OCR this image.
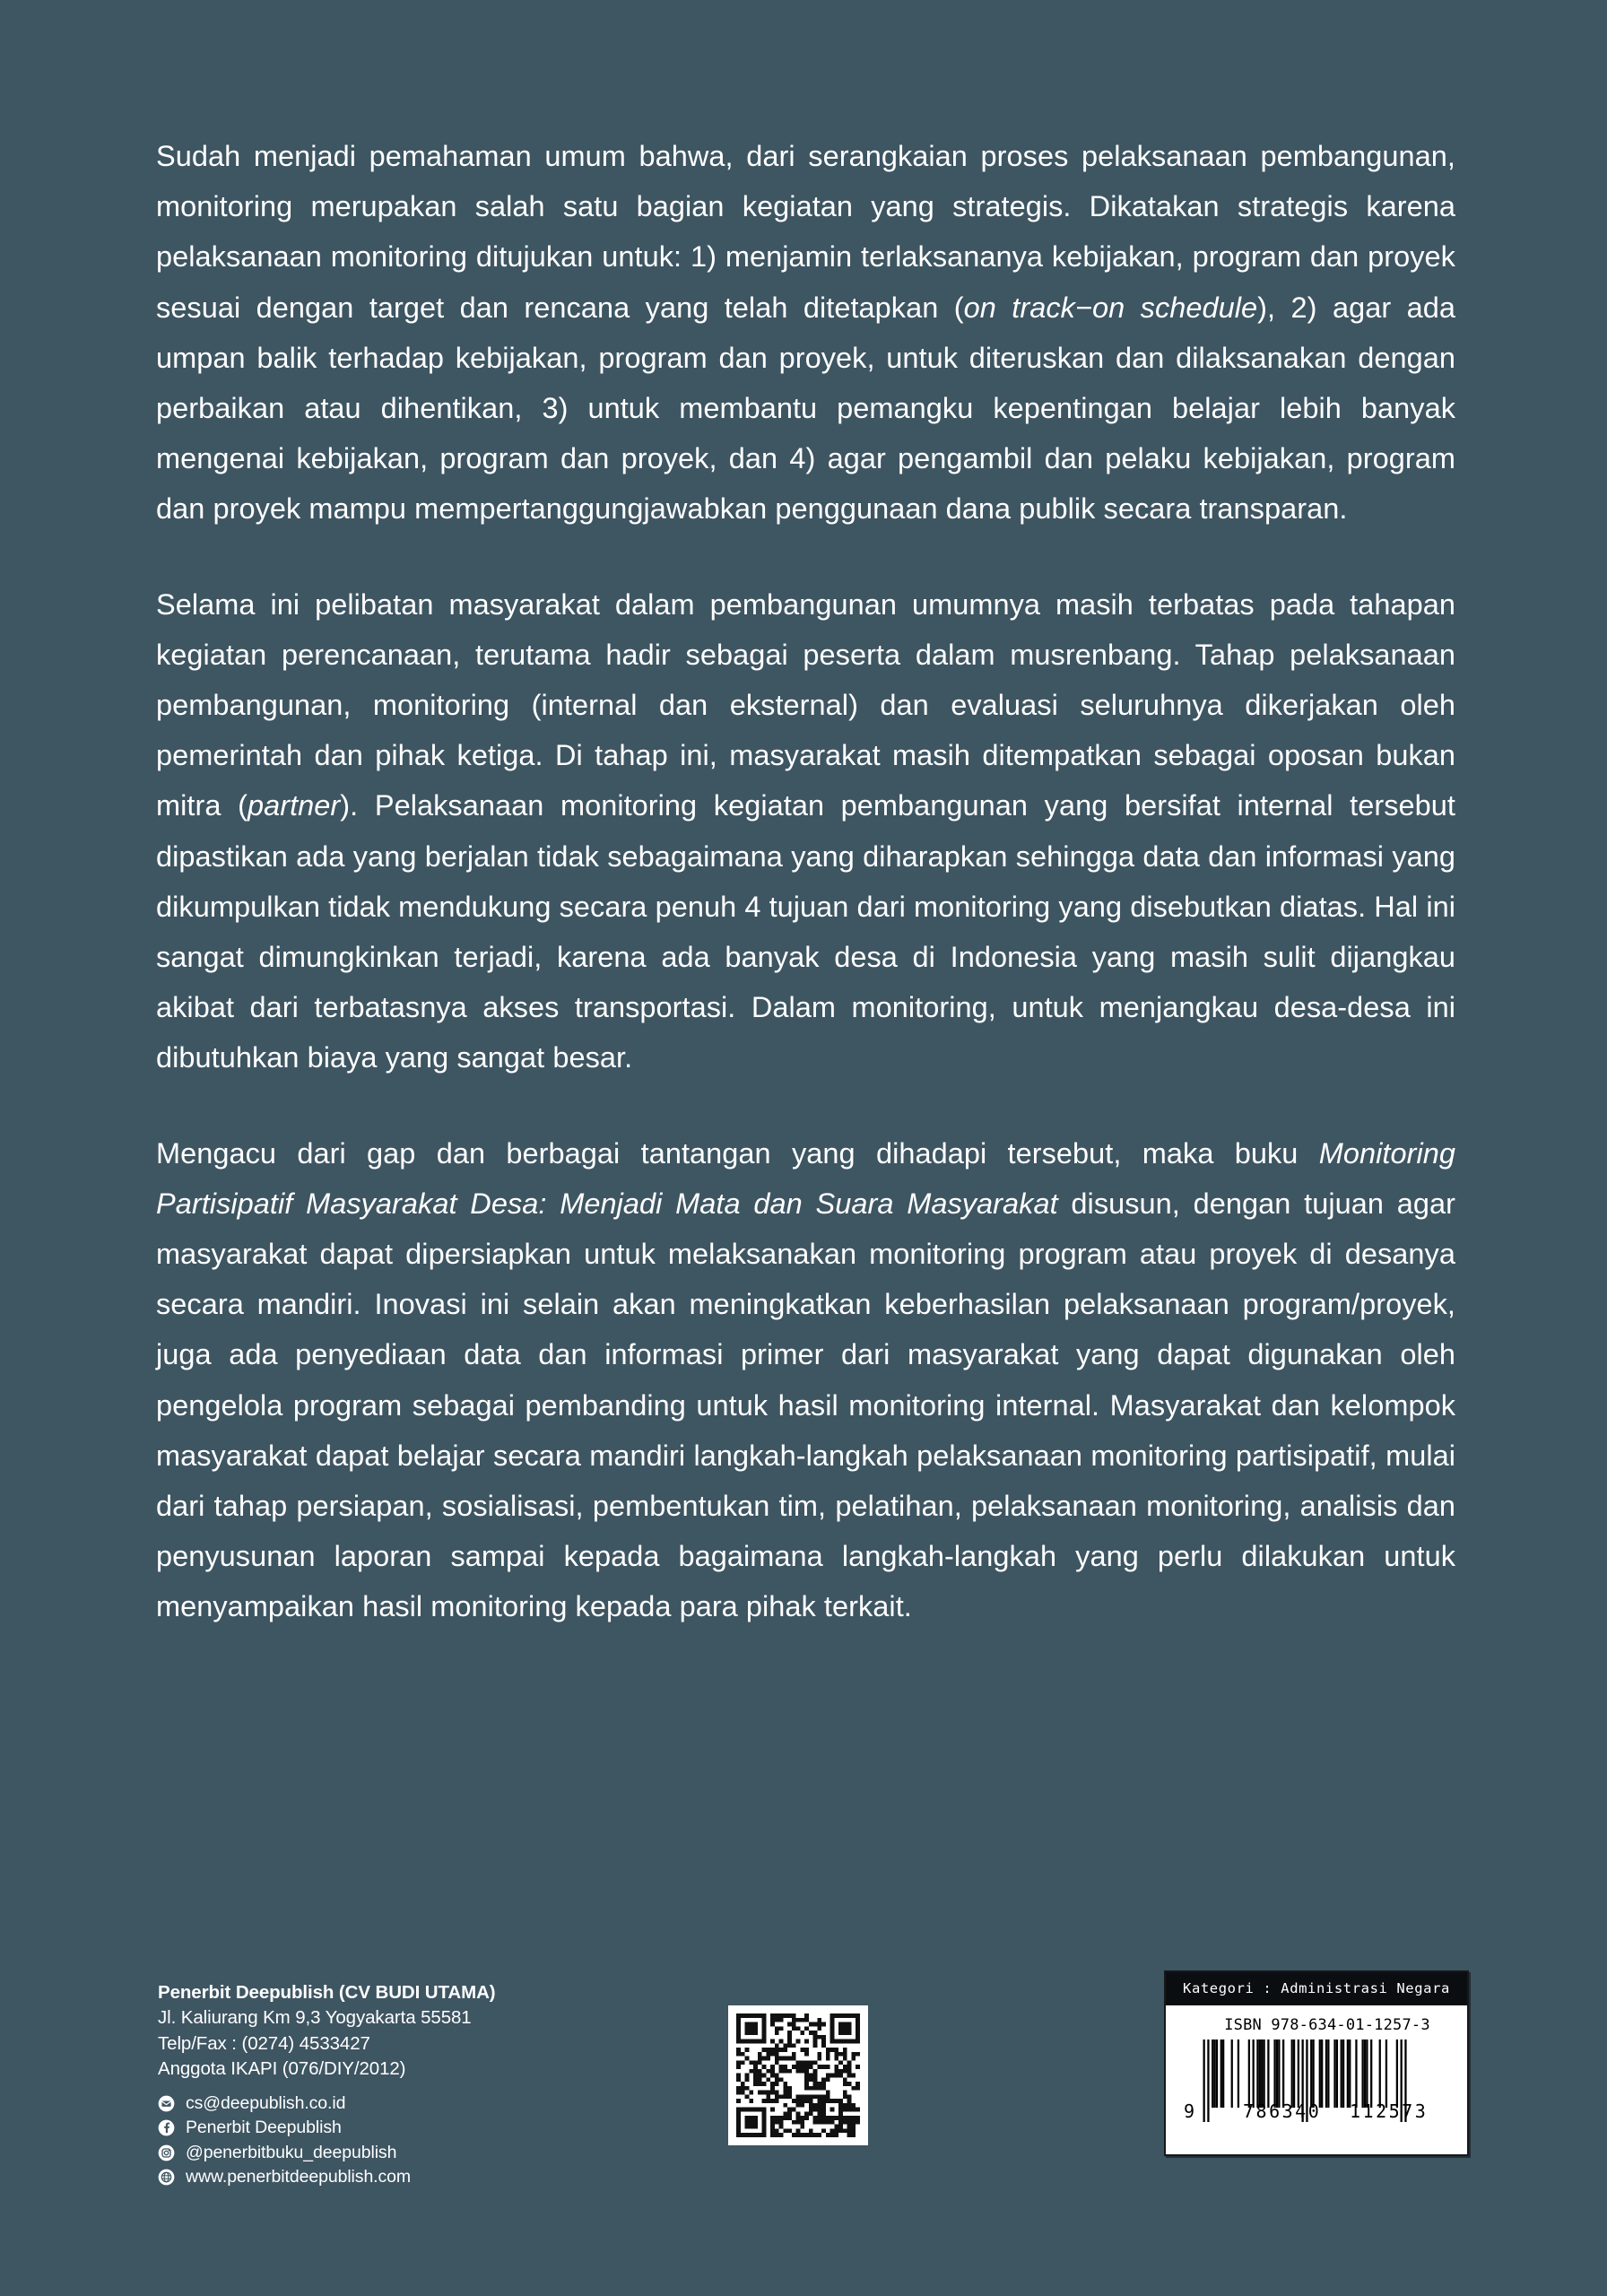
Sudah menjadi pemahaman umum bahwa, dari serangkaian proses pelaksanaan pembangunan, monitoring merupakan salah satu bagian kegiatan yang strategis. Dikatakan strategis karena pelaksanaan monitoring ditujukan untuk: 1) menjamin terlaksananya kebijakan, program dan proyek sesuai dengan target dan rencana yang telah ditetapkan (on track−on schedule), 2) agar ada umpan balik terhadap kebijakan, program dan proyek, untuk diteruskan dan dilaksanakan dengan perbaikan atau dihentikan, 3) untuk membantu pemangku kepentingan belajar lebih banyak mengenai kebijakan, program dan proyek, dan 4) agar pengambil dan pelaku kebijakan, program dan proyek mampu mempertanggungjawabkan penggunaan dana publik secara transparan.

Selama ini pelibatan masyarakat dalam pembangunan umumnya masih terbatas pada tahapan kegiatan perencanaan, terutama hadir sebagai peserta dalam musrenbang. Tahap pelaksanaan pembangunan, monitoring (internal dan eksternal) dan evaluasi seluruhnya dikerjakan oleh pemerintah dan pihak ketiga. Di tahap ini, masyarakat masih ditempatkan sebagai oposan bukan mitra (partner). Pelaksanaan monitoring kegiatan pembangunan yang bersifat internal tersebut dipastikan ada yang berjalan tidak sebagaimana yang diharapkan sehingga data dan informasi yang dikumpulkan tidak mendukung secara penuh 4 tujuan dari monitoring yang disebutkan diatas. Hal ini sangat dimungkinkan terjadi, karena ada banyak desa di Indonesia yang masih sulit dijangkau akibat dari terbatasnya akses transportasi. Dalam monitoring, untuk menjangkau desa-desa ini dibutuhkan biaya yang sangat besar.

Mengacu dari gap dan berbagai tantangan yang dihadapi tersebut, maka buku Monitoring Partisipatif Masyarakat Desa: Menjadi Mata dan Suara Masyarakat disusun, dengan tujuan agar masyarakat dapat dipersiapkan untuk melaksanakan monitoring program atau proyek di desanya secara mandiri. Inovasi ini selain akan meningkatkan keberhasilan pelaksanaan program/proyek, juga ada penyediaan data dan informasi primer dari masyarakat yang dapat digunakan oleh pengelola program sebagai pembanding untuk hasil monitoring internal. Masyarakat dan kelompok masyarakat dapat belajar secara mandiri langkah-langkah pelaksanaan monitoring partisipatif, mulai dari tahap persiapan, sosialisasi, pembentukan tim, pelatihan, pelaksanaan monitoring, analisis dan penyusunan laporan sampai kepada bagaimana langkah-langkah yang perlu dilakukan untuk menyampaikan hasil monitoring kepada para pihak terkait.

Penerbit Deepublish (CV BUDI UTAMA)
Jl. Kaliurang Km 9,3 Yogyakarta 55581
Telp/Fax : (0274) 4533427
Anggota IKAPI (076/DIY/2012)
cs@deepublish.co.id
Penerbit Deepublish
@penerbitbuku_deepublish
www.penerbitdeepublish.com
Kategori : Administrasi Negara
ISBN 978-634-01-1257-3
9	786340 112573
